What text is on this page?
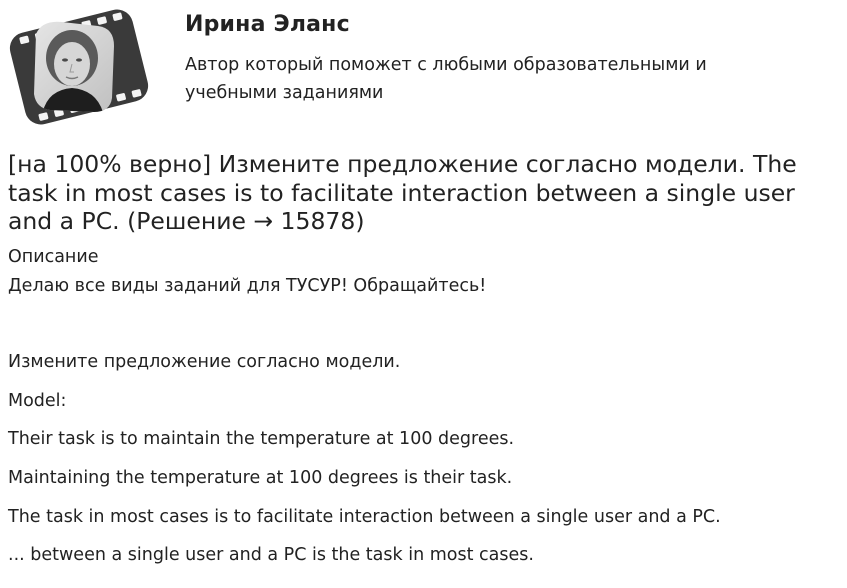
Ирина Эланс
Автор который поможет с любыми образовательными и
учебными заданиями
[на 100% верно] Измените предложение согласно модели. The task in most cases is to facilitate interaction between a single user and a PC. (Решение → 15878)
Описание
Делаю все виды заданий для ТУСУР! Обращайтесь!
Измените предложение согласно модели.
Model:
Their task is to maintain the temperature at 100 degrees.
Maintaining the temperature at 100 degrees is their task.
The task in most cases is to facilitate interaction between a single user and a PC.
... between a single user and a PC is the task in most cases.
